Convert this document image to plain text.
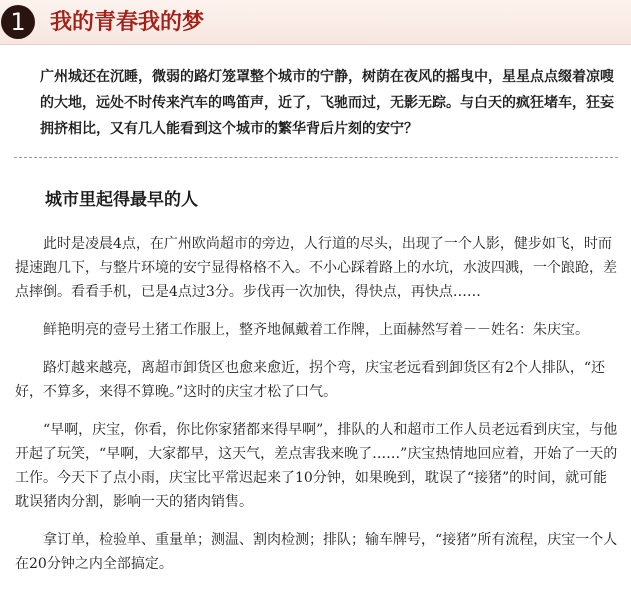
1	我的青春我的梦

广州城还在沉睡，微弱的路灯笼罩整个城市的宁静，树荫在夜风的摇曳中，星星点点缀着凉嗖的大地，远处不时传来汽车的鸣笛声，近了，飞驰而过，无影无踪。与白天的疯狂堵车，狂妄拥挤相比，又有几人能看到这个城市的繁华背后片刻的安宁？

城市里起得最早的人

此时是凌晨4点，在广州欧尚超市的旁边，人行道的尽头，出现了一个人影，健步如飞，时而提速跑几下，与整片环境的安宁显得格格不入。不小心踩着路上的水坑，水波四溅，一个踉跄，差点摔倒。看看手机，已是4点过3分。步伐再一次加快，得快点，再快点……

鲜艳明亮的壹号土猪工作服上，整齐地佩戴着工作牌，上面赫然写着－－姓名：朱庆宝。

路灯越来越亮，离超市卸货区也愈来愈近，拐个弯，庆宝老远看到卸货区有2个人排队，“还好，不算多，来得不算晚。”这时的庆宝才松了口气。

“早啊，庆宝，你看，你比你家猪都来得早啊”，排队的人和超市工作人员老远看到庆宝，与他开起了玩笑，“早啊，大家都早，这天气，差点害我来晚了……”庆宝热情地回应着，开始了一天的工作。今天下了点小雨，庆宝比平常迟起来了10分钟，如果晚到，耽误了“接猪”的时间，就可能耽误猪肉分割，影响一天的猪肉销售。

拿订单，检验单、重量单；测温、割肉检测；排队；输车牌号，“接猪”所有流程，庆宝一个人在20分钟之内全部搞定。
